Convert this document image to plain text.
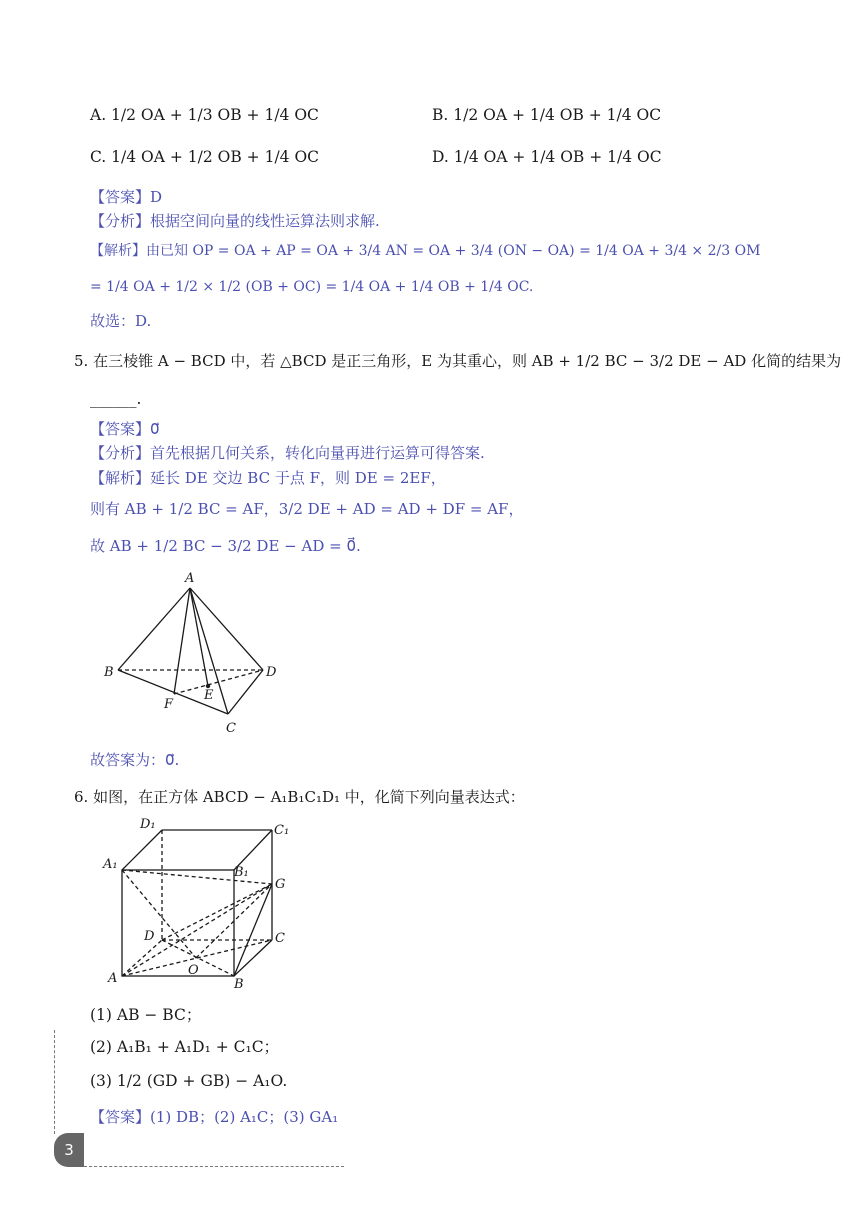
A. 1/2 OA + 1/3 OB + 1/4 OC	B. 1/2 OA + 1/4 OB + 1/4 OC
C. 1/4 OA + 1/2 OB + 1/4 OC	D. 1/4 OA + 1/4 OB + 1/4 OC
【答案】D
【分析】根据空间向量的线性运算法则求解.
【解析】由已知 OP = OA + AP = OA + 3/4 AN = OA + 3/4 (ON − OA) = 1/4 OA + 3/4 × 2/3 OM
= 1/4 OA + 1/2 × 1/2 (OB + OC) = 1/4 OA + 1/4 OB + 1/4 OC.
故选：D.
5. 在三棱锥 A − BCD 中，若 △BCD 是正三角形，E 为其重心，则 AB + 1/2 BC − 3/2 DE − AD 化简的结果为
______.
【答案】0⃗
【分析】首先根据几何关系，转化向量再进行运算可得答案.
【解析】延长 DE 交边 BC 于点 F，则 DE = 2EF，
则有 AB + 1/2 BC = AF，3/2 DE + AD = AD + DF = AF，
故 AB + 1/2 BC − 3/2 DE − AD = 0⃗.
A
B
C
D
E
F
故答案为：0⃗.
6. 如图，在正方体 ABCD − A₁B₁C₁D₁ 中，化简下列向量表达式：
D₁	C₁
A₁
B₁
G
D	C
A
O
B
(1) AB − BC；
(2) A₁B₁ + A₁D₁ + C₁C；
(3) 1/2 (GD + GB) − A₁O.
【答案】(1) DB；(2) A₁C；(3) GA₁
3
